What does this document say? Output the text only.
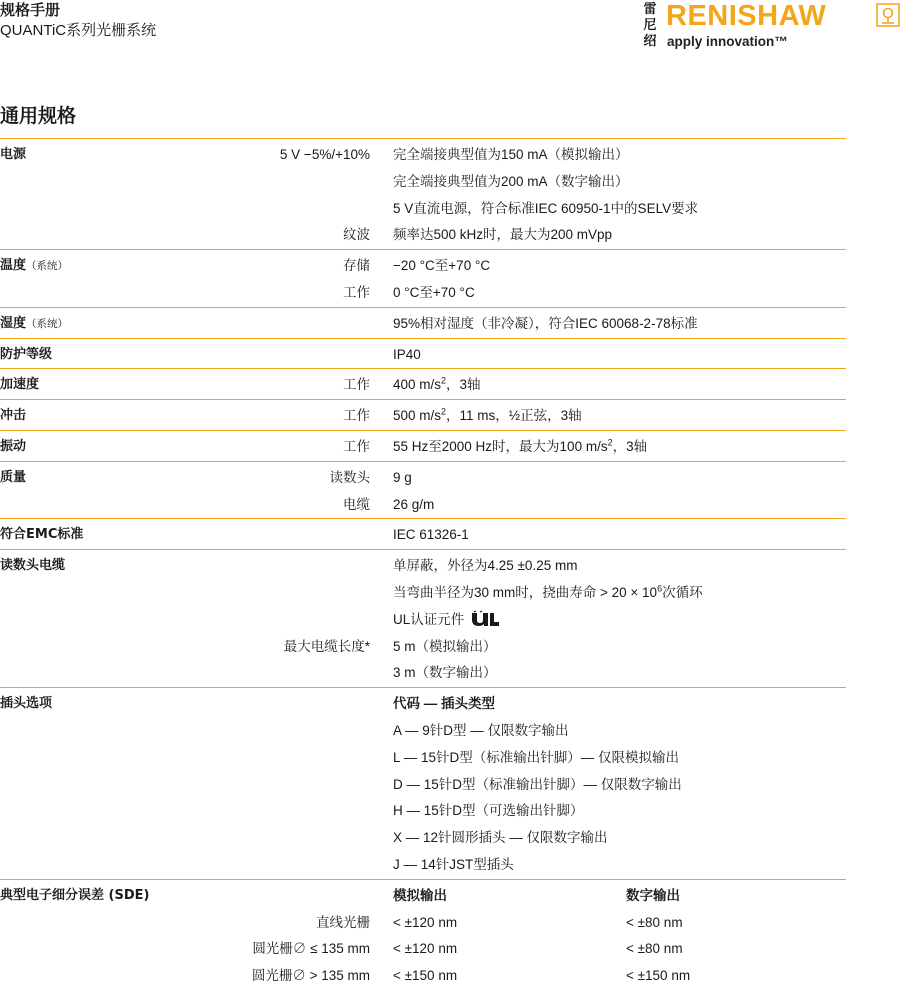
规格手册
QUANTiC系列光栅系统
雷
尼
绍
RENISHAW
apply innovation™
通用规格
电源	5 V −5%/+10% 完全端接典型值为150 mA（模拟输出）
完全端接典型值为200 mA（数字输出）
5 V直流电源，符合标准IEC 60950-1中的SELV要求
纹波 频率达500 kHz时，最大为200 mVpp
温度（系统）	存储 −20 °C至+70 °C
工作 0 °C至+70 °C
湿度（系统）	95%相对湿度（非冷凝），符合IEC 60068-2-78标准
防护等级	IP40
加速度	工作 400 $m/s^2$，3轴
冲击	工作 500 $m/s^2$，11 ms，½正弦，3轴
振动	工作 55 Hz至2000 Hz时，最大为100 $m/s^2$，3轴
质量	读数头 9 g
电缆 26 g/m
符合EMC标准	IEC 61326-1
读数头电缆	单屏蔽，外径为4.25 ±0.25 mm
当弯曲半径为30 mm时，挠曲寿命 > $20 \times 10^6$次循环
UL认证元件
最大电缆长度* 5 m（模拟输出）
3 m（数字输出）
插头选项	代码 — 插头类型
A — 9针D型 — 仅限数字输出
L — 15针D型（标准输出针脚）— 仅限模拟输出
D — 15针D型（标准输出针脚）— 仅限数字输出
H — 15针D型（可选输出针脚）
X — 12针圆形插头 — 仅限数字输出
J — 14针JST型插头
典型电子细分误差 (SDE)	模拟输出	数字输出
直线光栅 < ±120 nm	< ±80 nm
圆光栅∅ ≤ 135 mm < ±120 nm	< ±80 nm
圆光栅∅ > 135 mm < ±150 nm	< ±150 nm
